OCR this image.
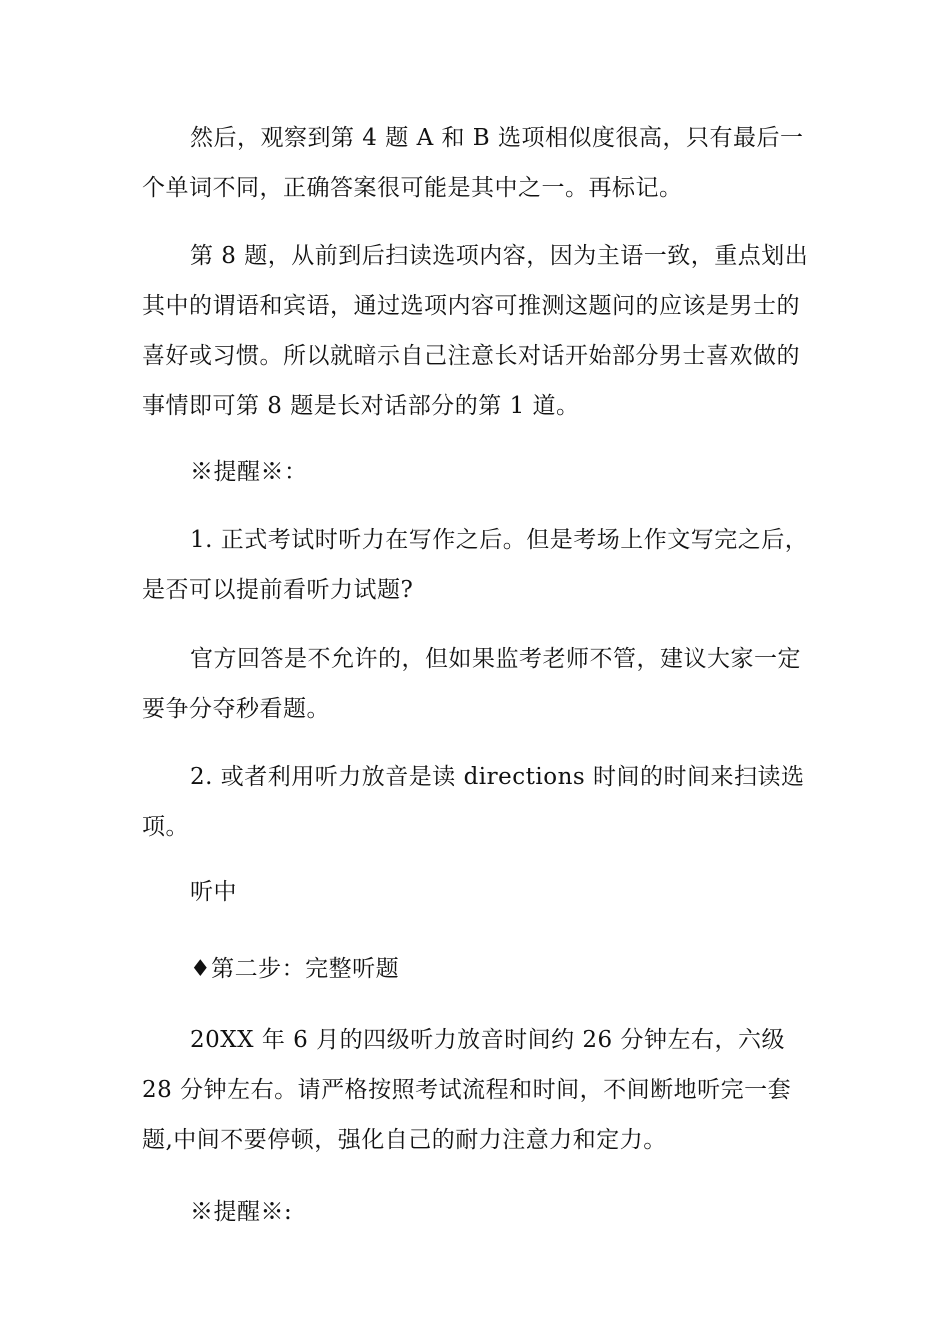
然后，观察到第 4 题 A 和 B 选项相似度很高，只有最后一个单词不同，正确答案很可能是其中之一。再标记。
第 8 题，从前到后扫读选项内容，因为主语一致，重点划出其中的谓语和宾语，通过选项内容可推测这题问的应该是男士的喜好或习惯。所以就暗示自己注意长对话开始部分男士喜欢做的事情即可第 8 题是长对话部分的第 1 道。
※提醒※：
1. 正式考试时听力在写作之后。但是考场上作文写完之后，是否可以提前看听力试题?
官方回答是不允许的，但如果监考老师不管，建议大家一定要争分夺秒看题。
2. 或者利用听力放音是读 directions 时间的时间来扫读选项。
听中
♦第二步：完整听题
20XX 年 6 月的四级听力放音时间约 26 分钟左右，六级 28 分钟左右。请严格按照考试流程和时间，不间断地听完一套题,中间不要停顿，强化自己的耐力注意力和定力。
※提醒※:
